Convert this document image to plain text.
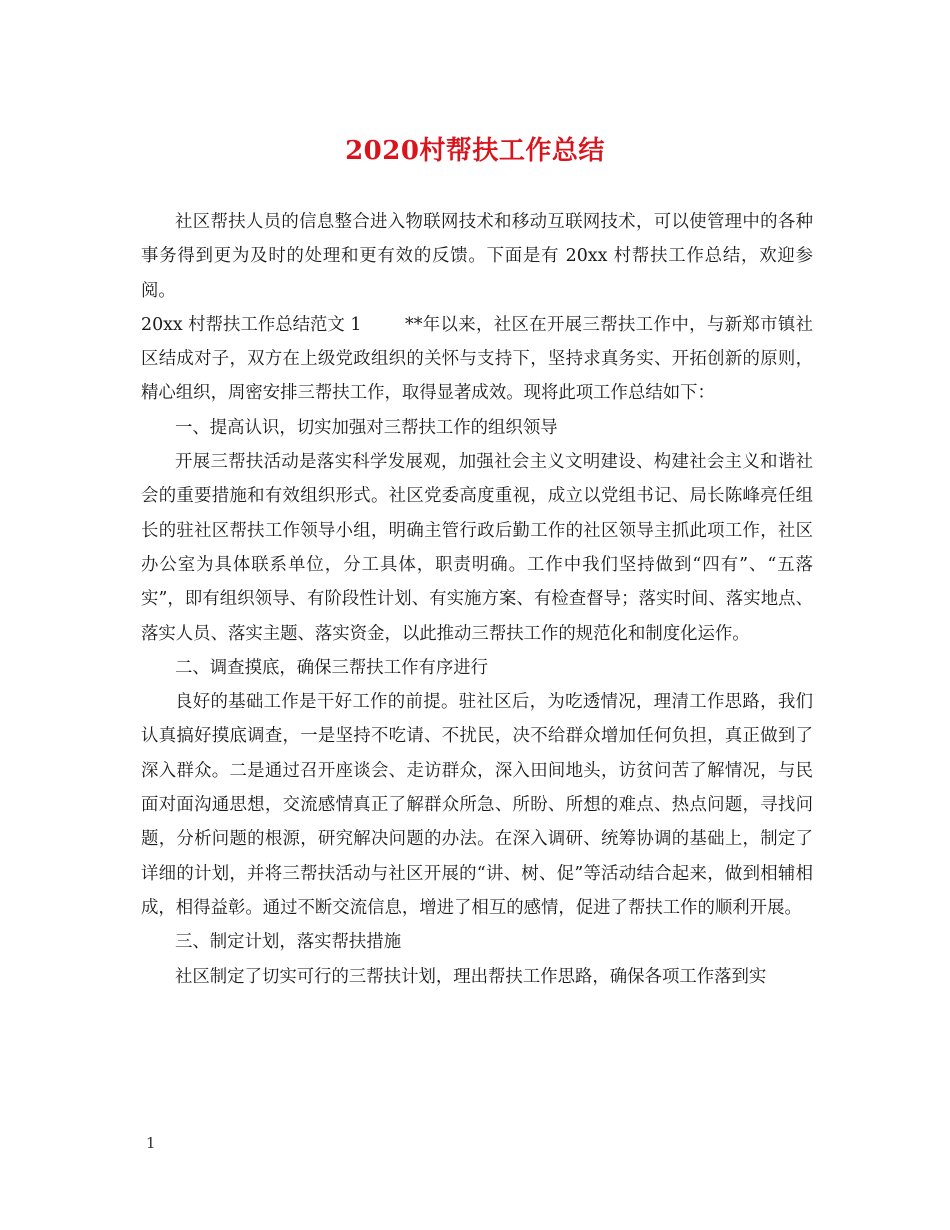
2020村帮扶工作总结

社区帮扶人员的信息整合进入物联网技术和移动互联网技术，可以使管理中的各种事务得到更为及时的处理和更有效的反馈。下面是有 20xx 村帮扶工作总结，欢迎参阅。

20xx 村帮扶工作总结范文 1	**年以来，社区在开展三帮扶工作中，与新郑市镇社区结成对子，双方在上级党政组织的关怀与支持下，坚持求真务实、开拓创新的原则，精心组织，周密安排三帮扶工作，取得显著成效。现将此项工作总结如下：

一、提高认识，切实加强对三帮扶工作的组织领导

开展三帮扶活动是落实科学发展观，加强社会主义文明建设、构建社会主义和谐社会的重要措施和有效组织形式。社区党委高度重视，成立以党组书记、局长陈峰亮任组长的驻社区帮扶工作领导小组，明确主管行政后勤工作的社区领导主抓此项工作，社区办公室为具体联系单位，分工具体，职责明确。工作中我们坚持做到“四有”、“五落实”，即有组织领导、有阶段性计划、有实施方案、有检查督导；落实时间、落实地点、落实人员、落实主题、落实资金，以此推动三帮扶工作的规范化和制度化运作。

二、调查摸底，确保三帮扶工作有序进行

良好的基础工作是干好工作的前提。驻社区后，为吃透情况，理清工作思路，我们认真搞好摸底调查，一是坚持不吃请、不扰民，决不给群众增加任何负担，真正做到了深入群众。二是通过召开座谈会、走访群众，深入田间地头，访贫问苦了解情况，与民面对面沟通思想，交流感情真正了解群众所急、所盼、所想的难点、热点问题，寻找问题，分析问题的根源，研究解决问题的办法。在深入调研、统筹协调的基础上，制定了详细的计划，并将三帮扶活动与社区开展的“讲、树、促”等活动结合起来，做到相辅相成，相得益彰。通过不断交流信息，增进了相互的感情，促进了帮扶工作的顺利开展。

三、制定计划，落实帮扶措施

社区制定了切实可行的三帮扶计划，理出帮扶工作思路，确保各项工作落到实

1
